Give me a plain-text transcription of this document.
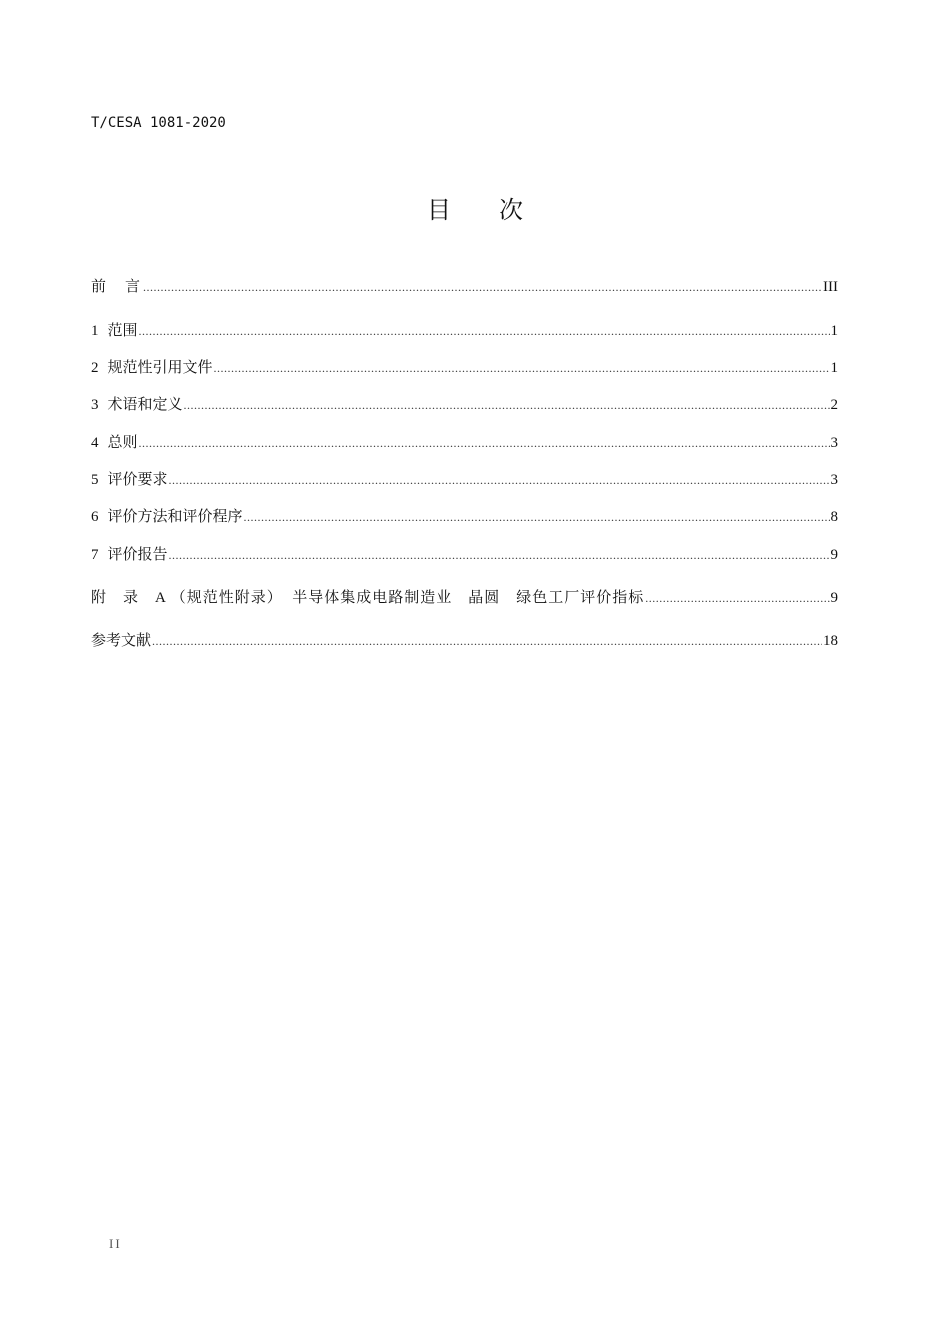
T/CESA 1081-2020
目 次
前　言 .....	III
1 范围 .....	1
2 规范性引用文件 .....	1
3 术语和定义 .....	2
4 总则 .....	3
5 评价要求 .....	3
6 评价方法和评价程序 .....	8
7 评价报告 .....	9
附　录　A （规范性附录）  半导体集成电路制造业　晶圆　绿色工厂评价指标 .....	9
参考文献 .....	18
II
